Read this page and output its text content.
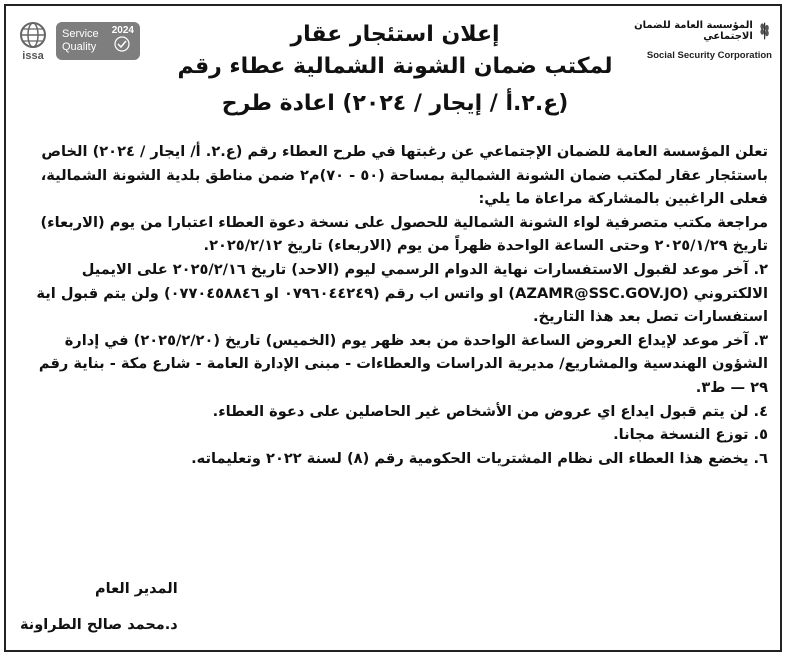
المؤسسة العامة للضمان الاجتماعي
Social Security Corporation
issa
Service
Quality
2024	إعلان استئجار عقار
لمكتب ضمان الشونة الشمالية عطاء رقم
(ع.٢.أ / إيجار / ٢٠٢٤) اعادة طرح

تعلن المؤسسة العامة للضمان الإجتماعي عن رغبتها في طرح العطاء رقم (ع.٢. أ/ ايجار / ٢٠٢٤) الخاص باستئجار عقار لمكتب ضمان الشونة الشمالية بمساحة (٥٠ - ٧٠)م٢ ضمن مناطق بلدية الشونة الشمالية، فعلى الراغبين بالمشاركة مراعاة ما يلي:

مراجعة مكتب متصرفية لواء الشونة الشمالية للحصول على نسخة دعوة العطاء اعتبارا من يوم (الاربعاء) تاريخ ٢٠٢٥/١/٢٩ وحتى الساعة الواحدة ظهراً من يوم (الاربعاء) تاريخ ٢٠٢٥/٢/١٢.

٢. آخر موعد لقبول الاستفسارات نهاية الدوام الرسمي ليوم (الاحد) تاريخ ٢٠٢٥/٢/١٦ على الايميل الالكتروني (AZAMR@SSC.GOV.JO) او واتس اب رقم (٠٧٩٦٠٤٤٢٤٩ او ٠٧٧٠٤٥٨٨٤٦) ولن يتم قبول اية استفسارات تصل بعد هذا التاريخ.

٣. آخر موعد لإيداع العروض الساعة الواحدة من بعد ظهر يوم (الخميس) تاريخ (٢٠٢٥/٢/٢٠) في إدارة الشؤون الهندسية والمشاريع/ مديرية الدراسات والعطاءات - مبنى الإدارة العامة - شارع مكة - بناية رقم ٢٩ — ط٣.

٤. لن يتم قبول ايداع اي عروض من الأشخاص غير الحاصلين على دعوة العطاء.

٥. توزع النسخة مجانا.

٦. يخضع هذا العطاء الى نظام المشتريات الحكومية رقم (٨) لسنة ٢٠٢٢ وتعليماته.

المدير العام
د.محمد صالح الطراونة
